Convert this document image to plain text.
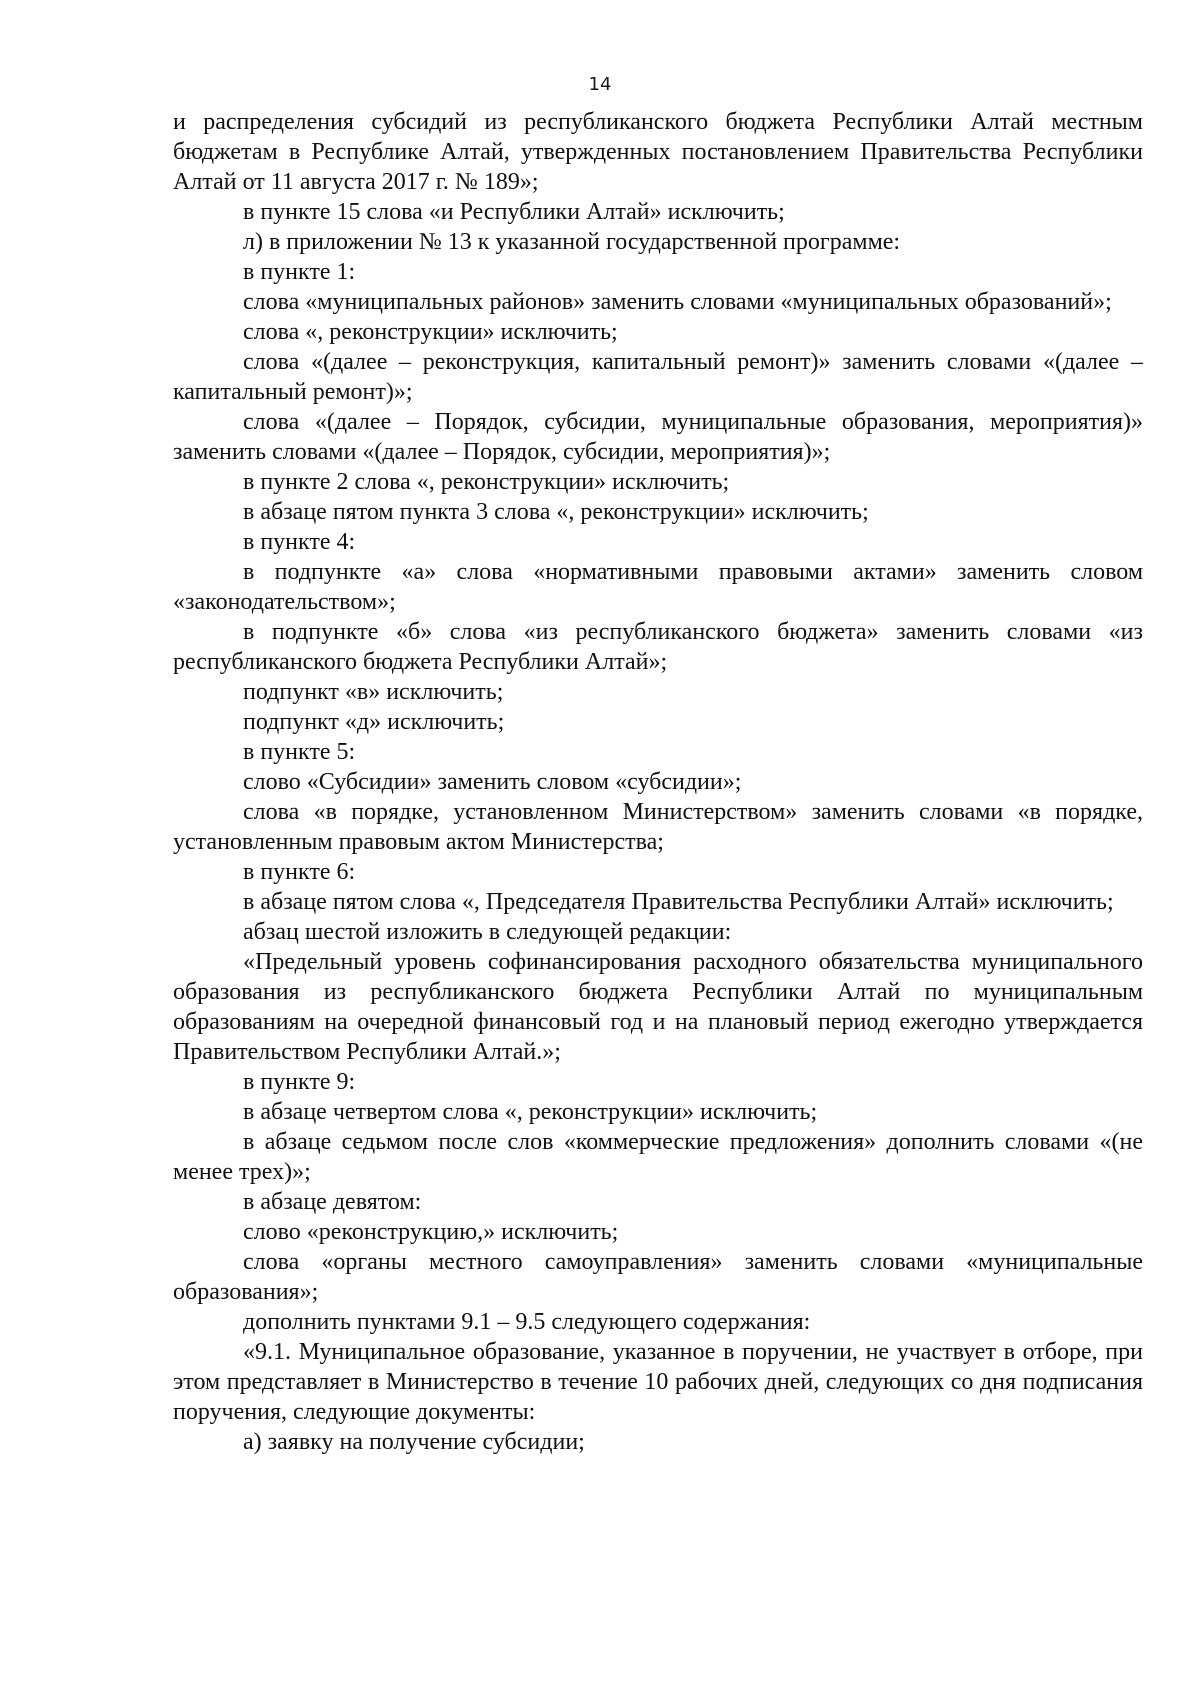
14

и распределения субсидий из республиканского бюджета Республики Алтай местным бюджетам в Республике Алтай, утвержденных постановлением Правительства Республики Алтай от 11 августа 2017 г. № 189»;

в пункте 15 слова «и Республики Алтай» исключить;

л) в приложении № 13 к указанной государственной программе:

в пункте 1:

слова «муниципальных районов» заменить словами «муниципальных образований»;

слова «, реконструкции» исключить;

слова «(далее – реконструкция, капитальный ремонт)» заменить словами «(далее – капитальный ремонт)»;

слова «(далее – Порядок, субсидии, муниципальные образования, мероприятия)» заменить словами «(далее – Порядок, субсидии, мероприятия)»;

в пункте 2 слова «, реконструкции» исключить;

в абзаце пятом пункта 3 слова «, реконструкции» исключить;

в пункте 4:

в подпункте «а» слова «нормативными правовыми актами» заменить словом «законодательством»;

в подпункте «б» слова «из республиканского бюджета» заменить словами «из республиканского бюджета Республики Алтай»;

подпункт «в» исключить;

подпункт «д» исключить;

в пункте 5:

слово «Субсидии» заменить словом «субсидии»;

слова «в порядке, установленном Министерством» заменить словами «в порядке, установленным правовым актом Министерства;

в пункте 6:

в абзаце пятом слова «, Председателя Правительства Республики Алтай» исключить;

абзац шестой изложить в следующей редакции:

«Предельный уровень софинансирования расходного обязательства муниципального образования из республиканского бюджета Республики Алтай по муниципальным образованиям на очередной финансовый год и на плановый период ежегодно утверждается Правительством Республики Алтай.»;

в пункте 9:

в абзаце четвертом слова «, реконструкции» исключить;

в абзаце седьмом после слов «коммерческие предложения» дополнить словами «(не менее трех)»;

в абзаце девятом:

слово «реконструкцию,» исключить;

слова «органы местного самоуправления» заменить словами «муниципальные образования»;

дополнить пунктами 9.1 – 9.5 следующего содержания:

«9.1. Муниципальное образование, указанное в поручении, не участвует в отборе, при этом представляет в Министерство в течение 10 рабочих дней, следующих со дня подписания поручения, следующие документы:

а) заявку на получение субсидии;
